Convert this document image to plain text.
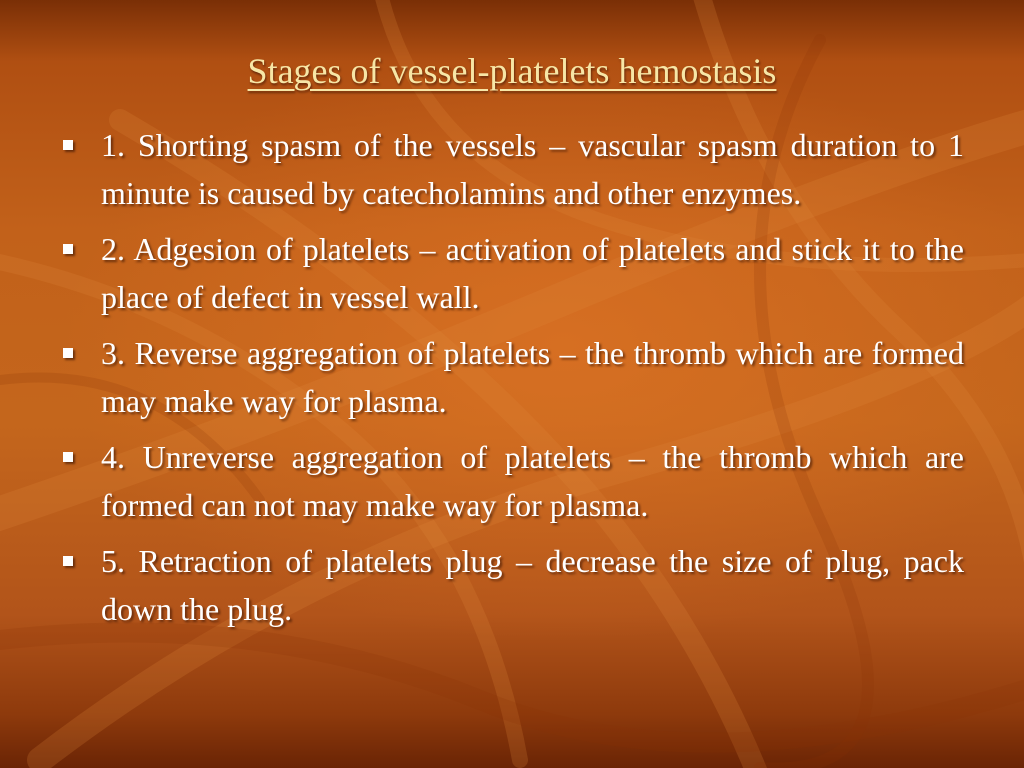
Stages of vessel-platelets hemostasis
1. Shorting spasm of the vessels – vascular spasm duration to 1 minute is caused by catecholamins and other enzymes.
2. Adgesion of platelets – activation of platelets and stick it to the place of defect in vessel wall.
3. Reverse aggregation of platelets – the thromb which are formed may make way for plasma.
4. Unreverse aggregation of platelets – the thromb which are formed can not may make way for plasma.
5. Retraction of platelets plug – decrease the size of plug, pack down the plug.
